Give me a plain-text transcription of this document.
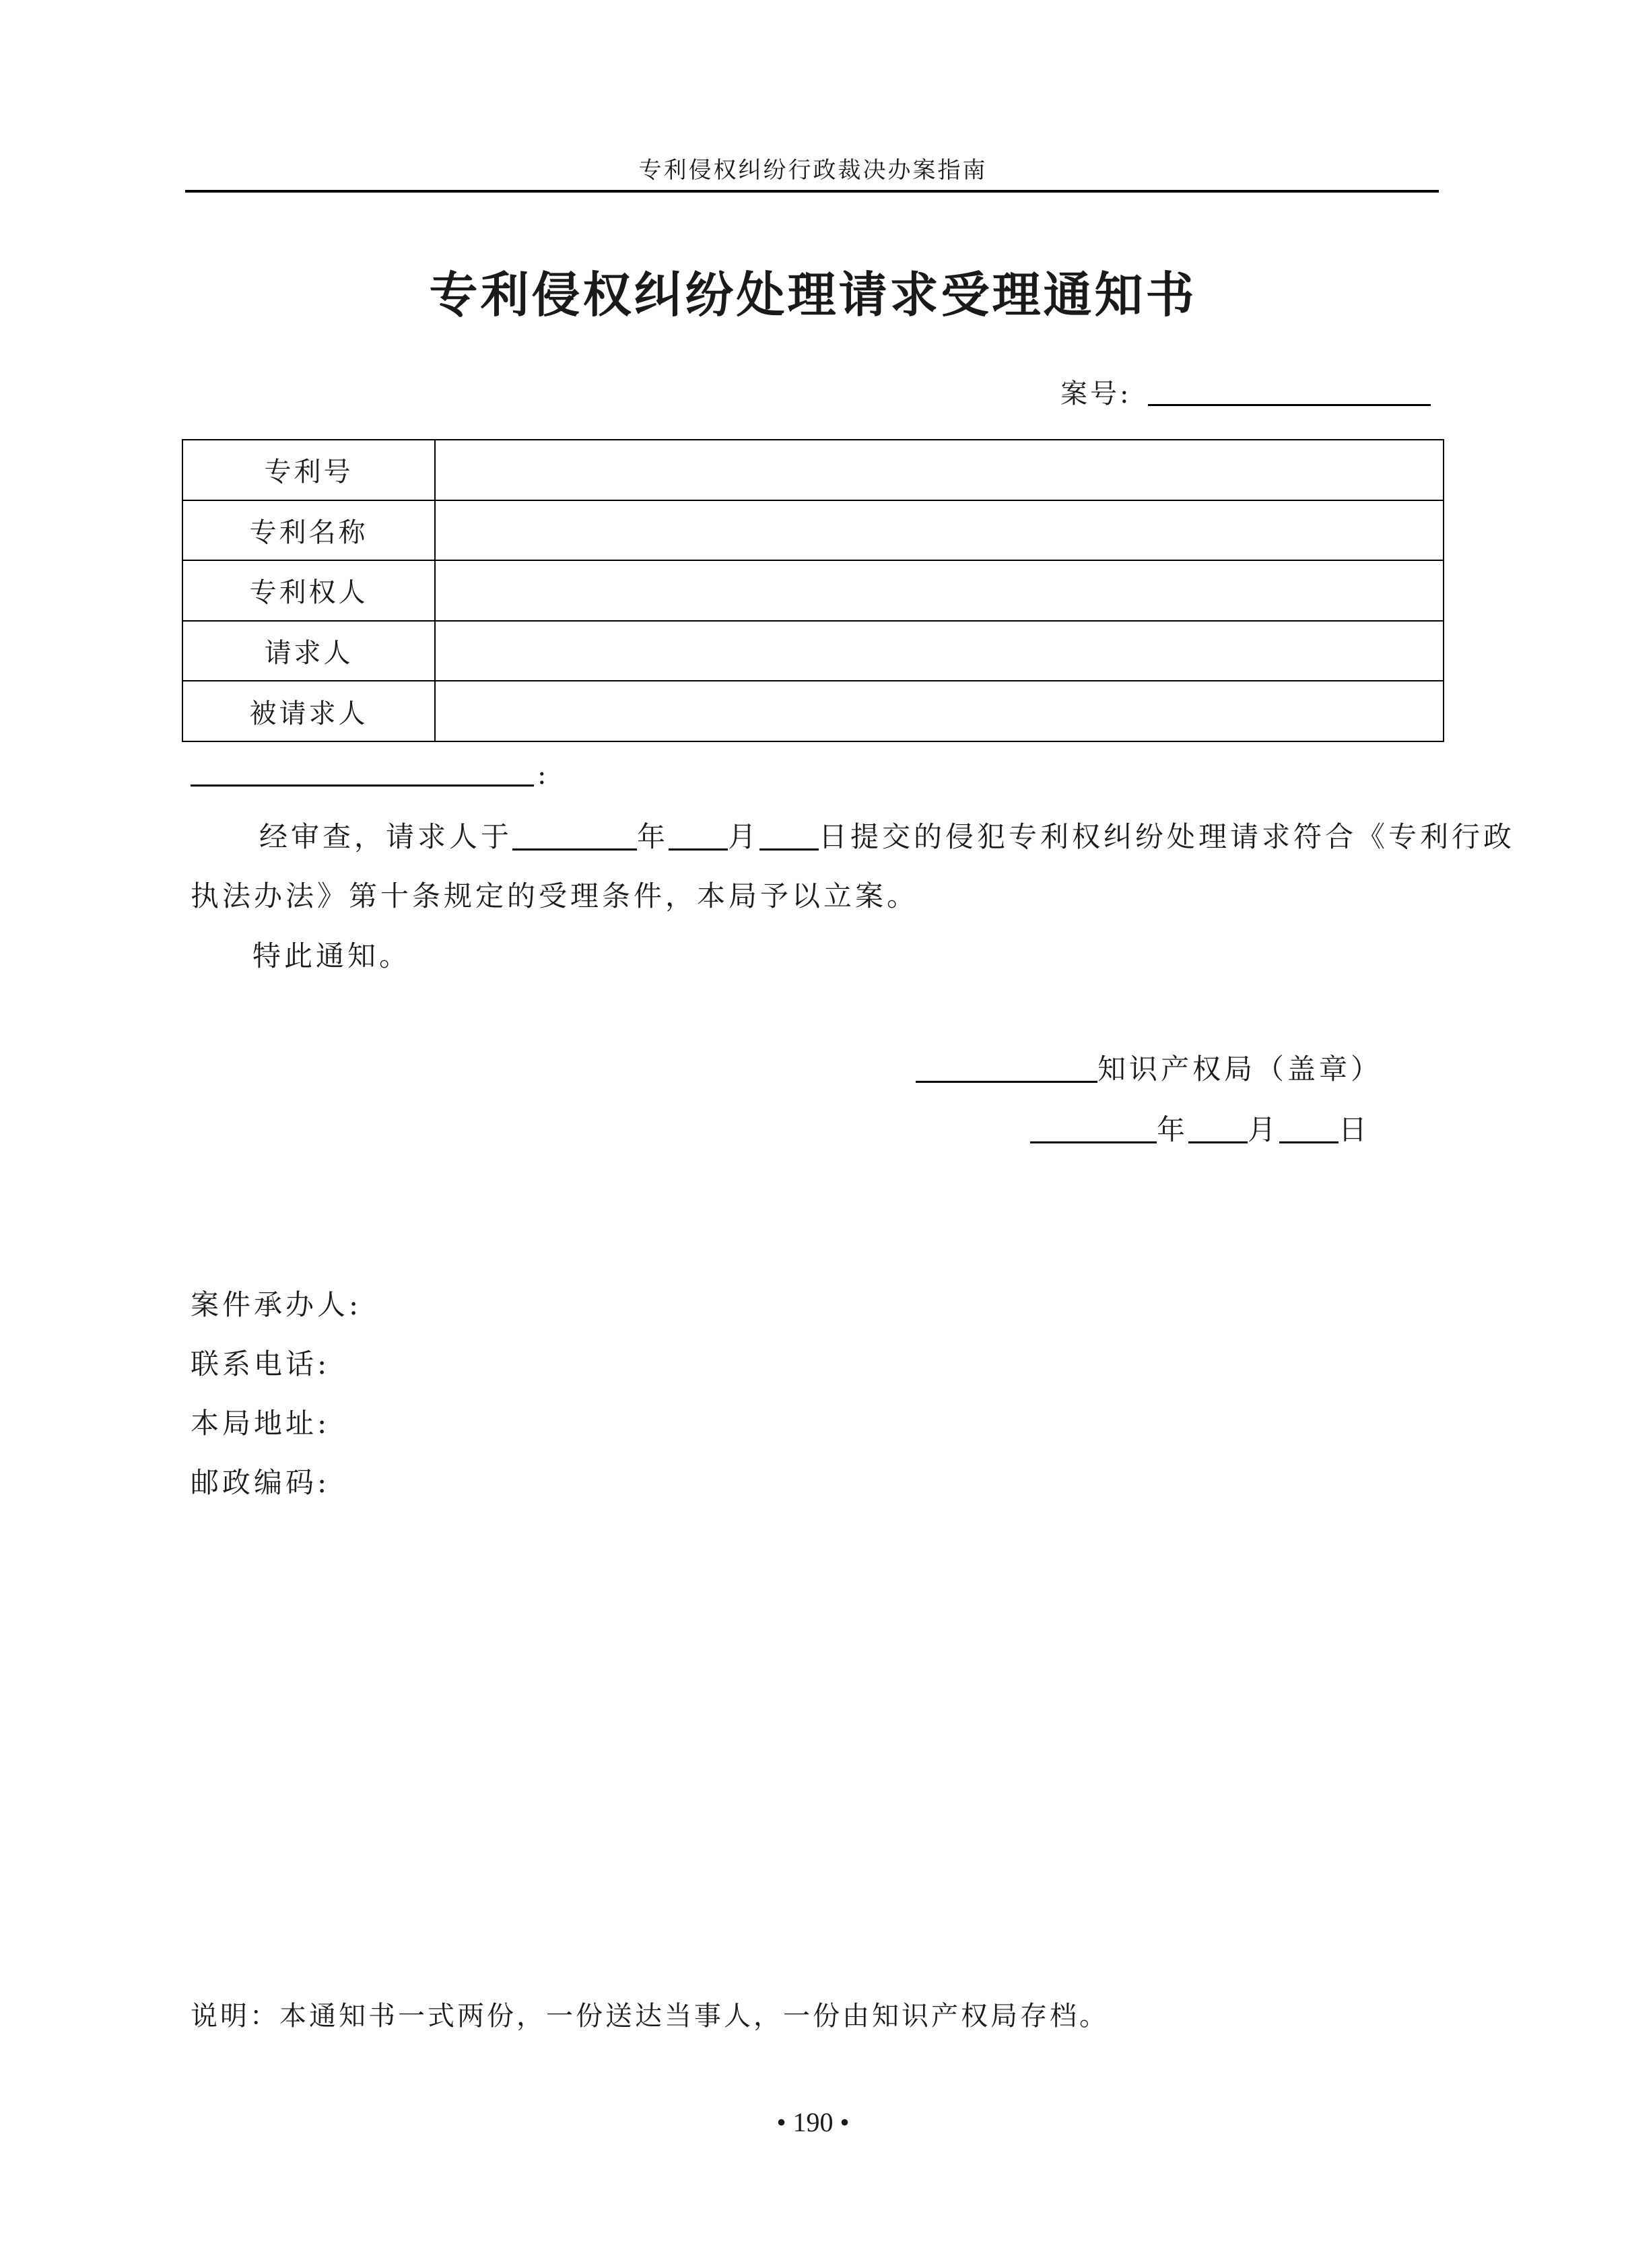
专利侵权纠纷行政裁决办案指南
专利侵权纠纷处理请求受理通知书
案号:
专利号	
专利名称	
专利权人	
请求人	
被请求人	
:
经审查，请求人于	年 月 日提交的侵犯专利权纠纷处理请求符合《专利行政
执法办法》第十条规定的受理条件，本局予以立案。
特此通知。
知识产权局（盖章）
年 月 日
案件承办人:
联系电话:
本局地址:
邮政编码:
说明：本通知书一式两份，一份送达当事人，一份由知识产权局存档。
• 190 •
